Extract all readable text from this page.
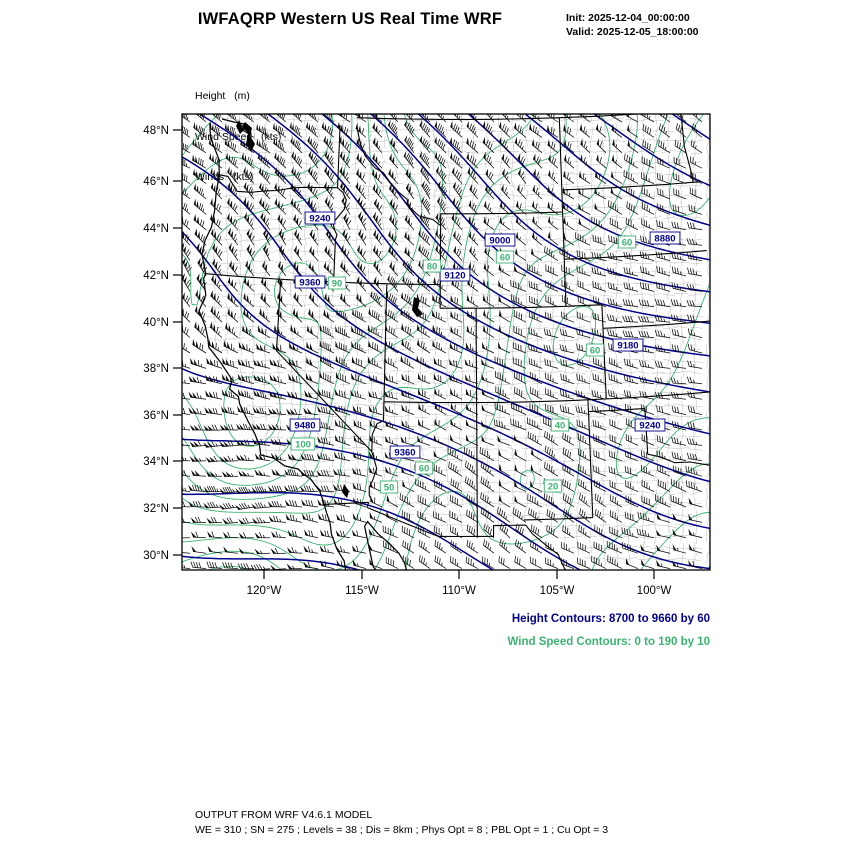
IWFAQRP Western US Real Time WRF	Init: 2025-12-04_00:00:00
Valid: 2025-12-05_18:00:00

Height   (m)

Wind Speed   (kts)

Winds   (kts)

48°N
46°N
44°N
42°N
40°N
38°N
36°N
34°N
32°N
30°N
120°W	115°W	110°W	105°W	100°W
9240
9000	8880
9120
9360
9180
9480
9360
9240
90
80
60
60
60
40
100
60
50	20
Height Contours: 8700 to 9660 by 60
Wind Speed Contours: 0 to 190 by 10
OUTPUT FROM WRF V4.6.1 MODEL
WE = 310 ; SN = 275 ; Levels = 38 ; Dis = 8km ; Phys Opt = 8 ; PBL Opt = 1 ; Cu Opt = 3
